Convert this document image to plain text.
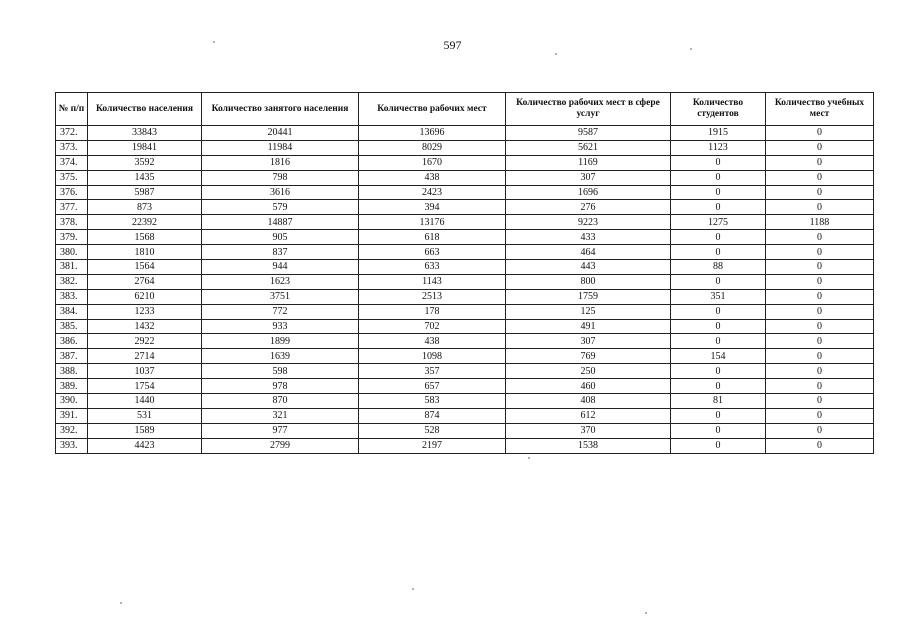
597
№ п/п	Количество населения	Количество занятого населения	Количество рабочих мест	Количество рабочих мест в сфере услуг	Количество студентов	Количество учебных мест
372.	33843	20441	13696	9587	1915	0
373.	19841	11984	8029	5621	1123	0
374.	3592	1816	1670	1169	0	0
375.	1435	798	438	307	0	0
376.	5987	3616	2423	1696	0	0
377.	873	579	394	276	0	0
378.	22392	14887	13176	9223	1275	1188
379.	1568	905	618	433	0	0
380.	1810	837	663	464	0	0
381.	1564	944	633	443	88	0
382.	2764	1623	1143	800	0	0
383.	6210	3751	2513	1759	351	0
384.	1233	772	178	125	0	0
385.	1432	933	702	491	0	0
386.	2922	1899	438	307	0	0
387.	2714	1639	1098	769	154	0
388.	1037	598	357	250	0	0
389.	1754	978	657	460	0	0
390.	1440	870	583	408	81	0
391.	531	321	874	612	0	0
392.	1589	977	528	370	0	0
393.	4423	2799	2197	1538	0	0
